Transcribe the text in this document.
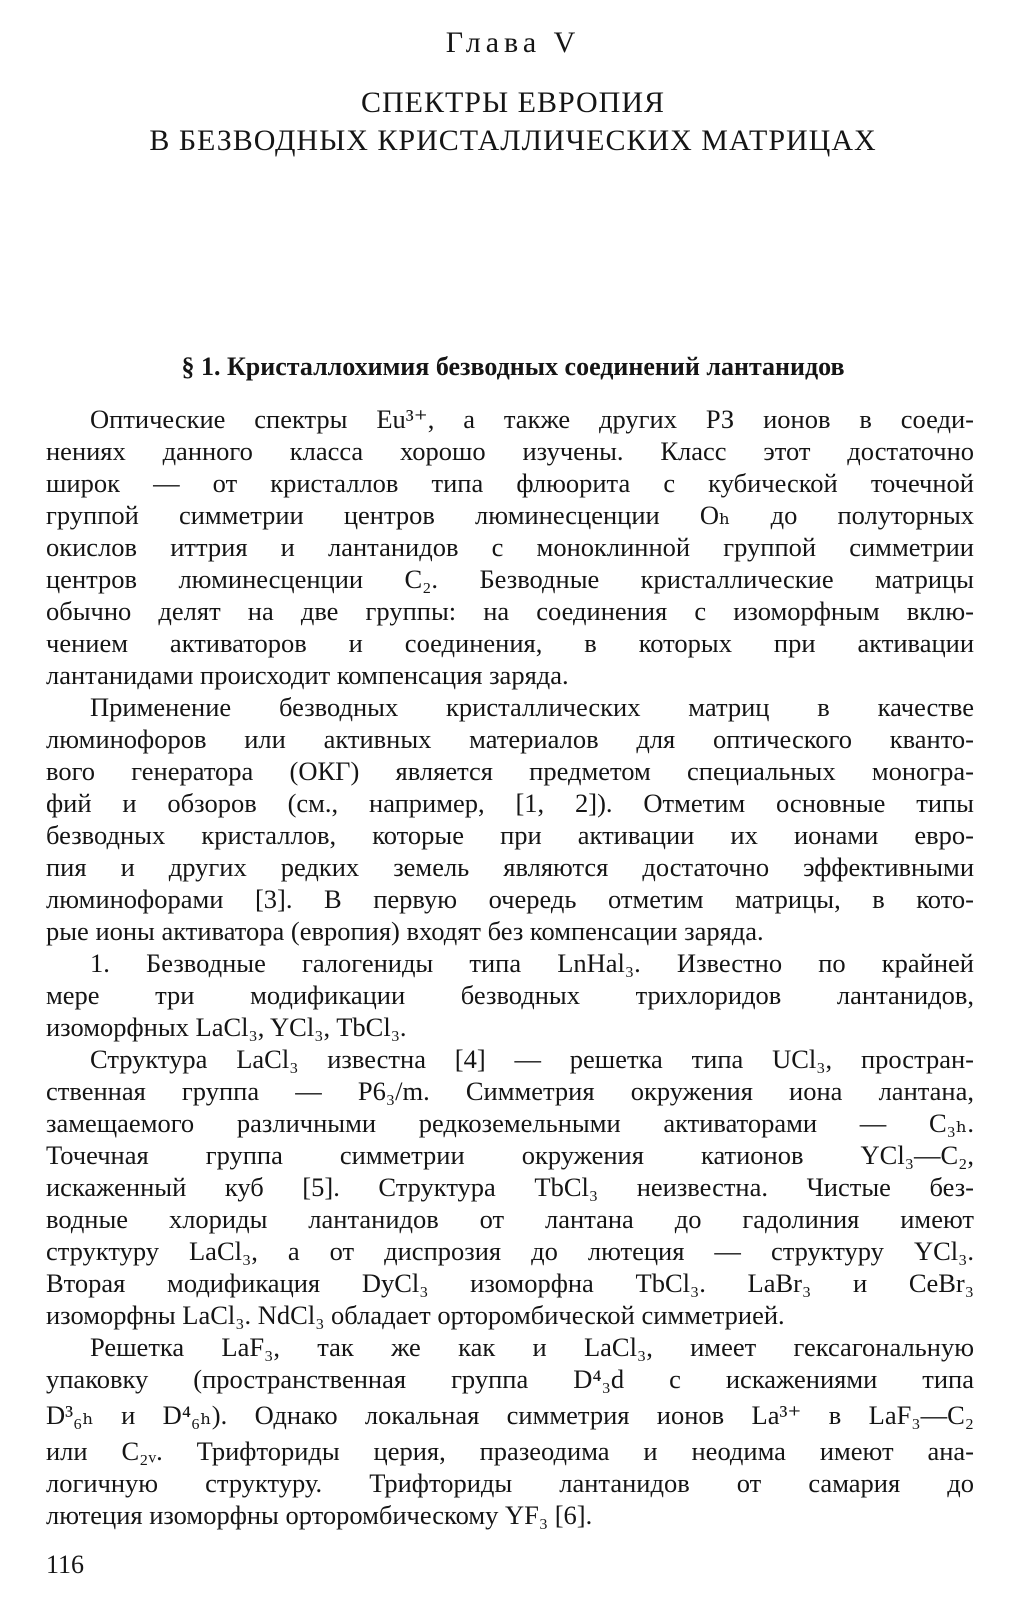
Глава V
СПЕКТРЫ ЕВРОПИЯ
В БЕЗВОДНЫХ КРИСТАЛЛИЧЕСКИХ МАТРИЦАХ
§ 1. Кристаллохимия безводных соединений лантанидов
Оптические спектры Eu³⁺, а также других РЗ ионов в соеди-
нениях данного класса хорошо изучены. Класс этот достаточно
широк — от кристаллов типа флюорита с кубической точечной
группой симметрии центров люминесценции Oₕ до полуторных
окислов иттрия и лантанидов с моноклинной группой симметрии
центров люминесценции C₂. Безводные кристаллические матрицы
обычно делят на две группы: на соединения с изоморфным вклю-
чением активаторов и соединения, в которых при активации
лантанидами происходит компенсация заряда.
Применение безводных кристаллических матриц в качестве
люминофоров или активных материалов для оптического кванто-
вого генератора (ОКГ) является предметом специальных моногра-
фий и обзоров (см., например, [1, 2]). Отметим основные типы
безводных кристаллов, которые при активации их ионами евро-
пия и других редких земель являются достаточно эффективными
люминофорами [3]. В первую очередь отметим матрицы, в кото-
рые ионы активатора (европия) входят без компенсации заряда.
1. Безводные галогениды типа LnHal₃. Известно по крайней
мере три модификации безводных трихлоридов лантанидов,
изоморфных LaCl₃, YCl₃, TbCl₃.
Структура LaCl₃ известна [4] — решетка типа UCl₃, простран-
ственная группа — P6₃/m. Симметрия окружения иона лантана,
замещаемого различными редкоземельными активаторами — C₃ₕ.
Точечная группа симметрии окружения катионов YCl₃—C₂,
искаженный куб [5]. Структура TbCl₃ неизвестна. Чистые без-
водные хлориды лантанидов от лантана до гадолиния имеют
структуру LaCl₃, а от диспрозия до лютеция — структуру YCl₃.
Вторая модификация DyCl₃ изоморфна TbCl₃. LaBr₃ и CeBr₃
изоморфны LaCl₃. NdCl₃ обладает орторомбической симметрией.
Решетка LaF₃, так же как и LaCl₃, имеет гексагональную
упаковку (пространственная группа D⁴₃d с искажениями типа
D³₆ₕ и D⁴₆ₕ). Однако локальная симметрия ионов La³⁺ в LaF₃—C₂
или C₂ᵥ. Трифториды церия, празеодима и неодима имеют ана-
логичную структуру. Трифториды лантанидов от самария до
лютеция изоморфны орторомбическому YF₃ [6].
116
